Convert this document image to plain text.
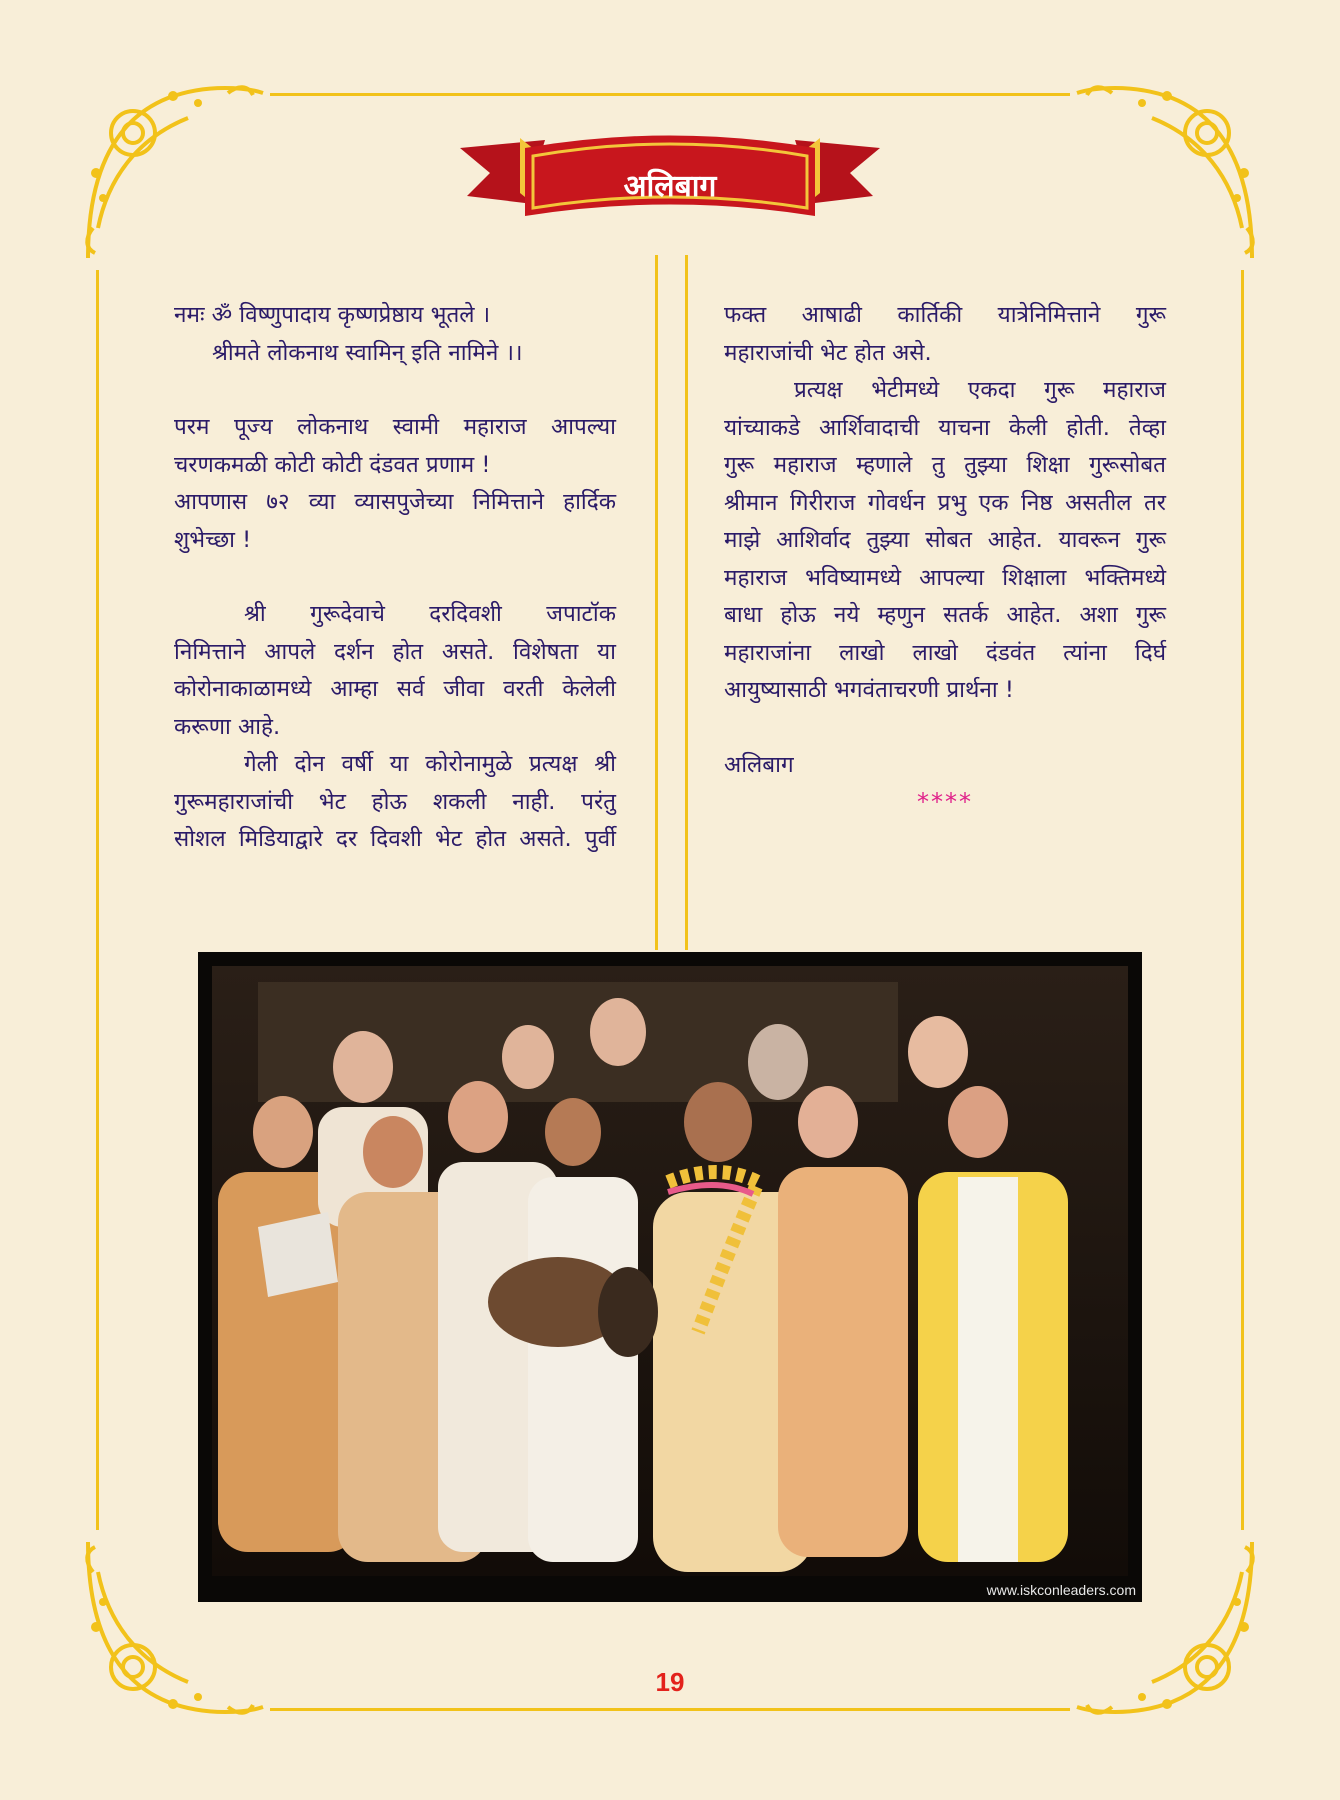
अलिबाग

नमः ॐ विष्णुपादाय कृष्णप्रेष्ठाय भूतले ।

श्रीमते लोकनाथ स्वामिन् इति नामिने ।।

परम पूज्य लोकनाथ स्वामी महाराज आपल्या

चरणकमळी कोटी कोटी दंडवत प्रणाम !

आपणास ७२ व्या व्यासपुजेच्या निमित्ताने हार्दिक

शुभेच्छा !

श्री गुरूदेवाचे दरदिवशी जपाटॉक

निमित्ताने आपले दर्शन होत असते. विशेषता या

कोरोनाकाळामध्ये आम्हा सर्व जीवा वरती केलेली

करूणा आहे.

गेली दोन वर्षी या कोरोनामुळे प्रत्यक्ष श्री

गुरूमहाराजांची भेट होऊ शकली नाही. परंतु

सोशल मिडियाद्वारे दर दिवशी भेट होत असते. पुर्वी

फक्त आषाढी कार्तिकी यात्रेनिमित्ताने गुरू

महाराजांची भेट होत असे.

प्रत्यक्ष भेटीमध्ये एकदा गुरू महाराज

यांच्याकडे आर्शिवादाची याचना केली होती. तेव्हा

गुरू महाराज म्हणाले तु तुझ्या शिक्षा गुरूसोबत

श्रीमान गिरीराज गोवर्धन प्रभु एक निष्ठ असतील तर

माझे आशिर्वाद तुझ्या सोबत आहेत. यावरून गुरू

महाराज भविष्यामध्ये आपल्या शिक्षाला भक्तिमध्ये

बाधा होऊ नये म्हणुन सतर्क आहेत. अशा गुरू

महाराजांना लाखो लाखो दंडवंत त्यांना दिर्घ

आयुष्यासाठी भगवंताचरणी प्रार्थना !

अलिबाग

****

www.iskconleaders.com
19
